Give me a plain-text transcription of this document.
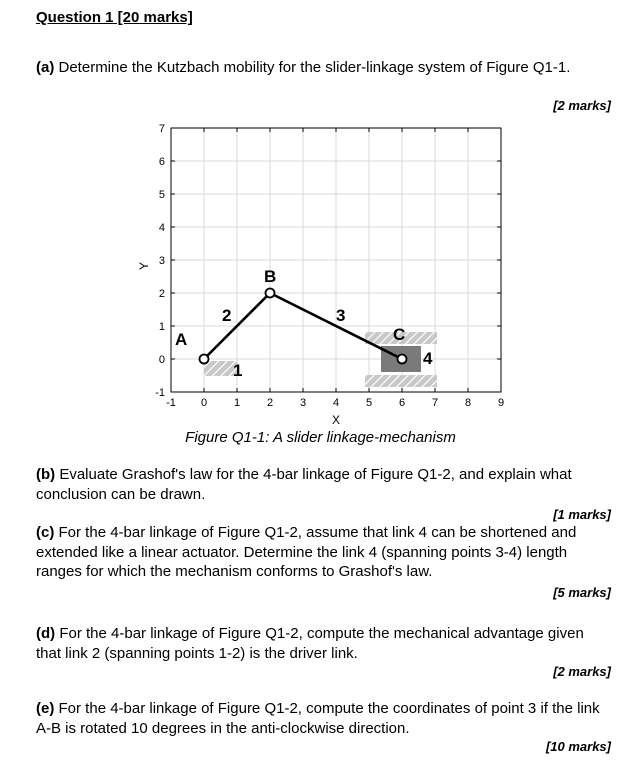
Question 1 [20 marks]
(a) Determine the Kutzbach mobility for the slider-linkage system of Figure Q1-1.
[2 marks]
-1 0 1 2 3 4 5 6 7 8 9
-1
0
1
2
3
4
5
6
7
A
B
C
1
2	3
4
X
Y
Figure Q1-1: A slider linkage-mechanism
(b) Evaluate Grashof's law for the 4-bar linkage of Figure Q1-2, and explain what conclusion can be drawn.
[1 marks]
(c) For the 4-bar linkage of Figure Q1-2, assume that link 4 can be shortened and extended like a linear actuator. Determine the link 4 (spanning points 3-4) length ranges for which the mechanism conforms to Grashof's law.
[5 marks]
(d) For the 4-bar linkage of Figure Q1-2, compute the mechanical advantage given that link 2 (spanning points 1-2) is the driver link.
[2 marks]
(e) For the 4-bar linkage of Figure Q1-2, compute the coordinates of point 3 if the link A-B is rotated 10 degrees in the anti-clockwise direction.
[10 marks]
